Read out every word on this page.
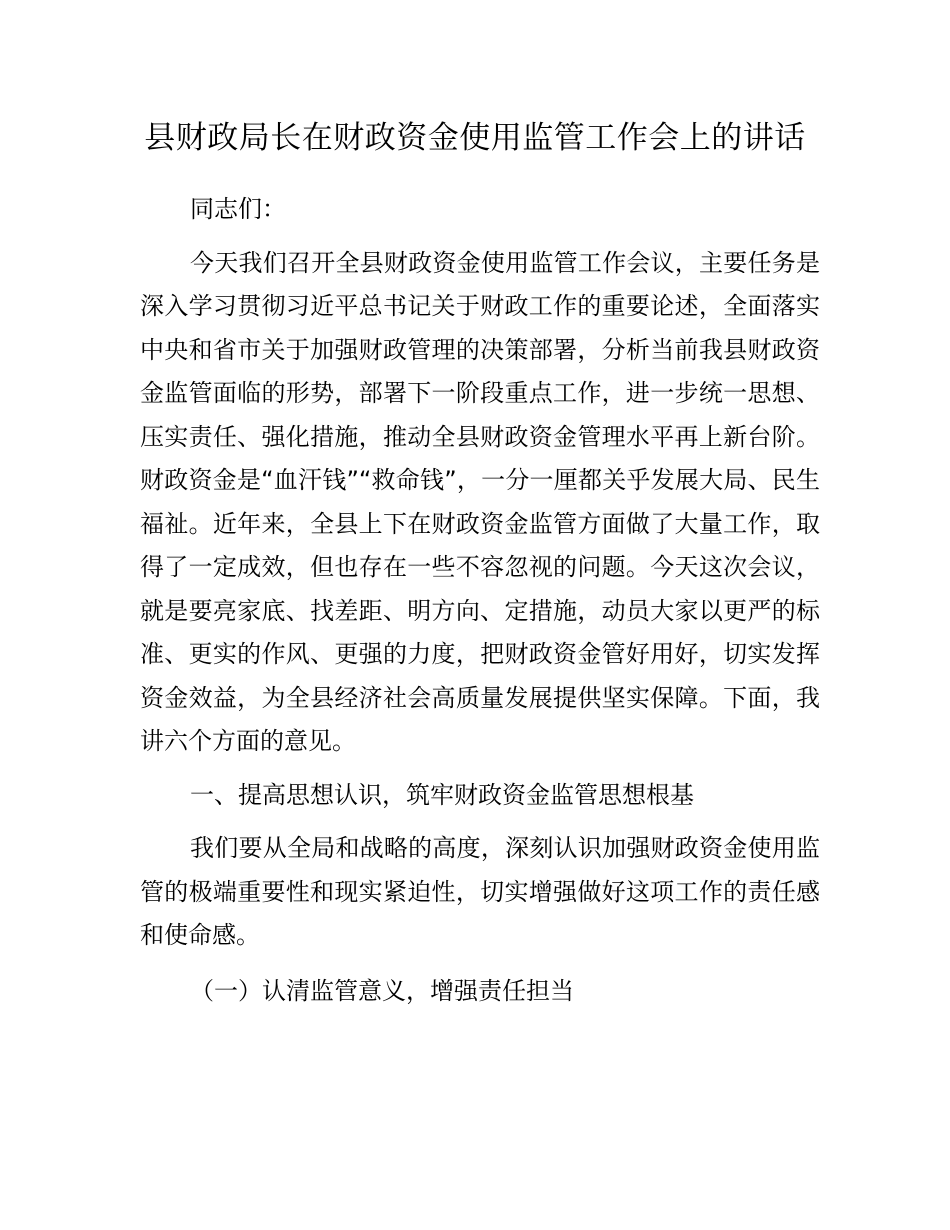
县财政局长在财政资金使用监管工作会上的讲话

同志们：

今天我们召开全县财政资金使用监管工作会议，主要任务是深入学习贯彻习近平总书记关于财政工作的重要论述，全面落实中央和省市关于加强财政管理的决策部署，分析当前我县财政资金监管面临的形势，部署下一阶段重点工作，进一步统一思想、压实责任、强化措施，推动全县财政资金管理水平再上新台阶。财政资金是“血汗钱”“救命钱”，一分一厘都关乎发展大局、民生福祉。近年来，全县上下在财政资金监管方面做了大量工作，取得了一定成效，但也存在一些不容忽视的问题。今天这次会议，就是要亮家底、找差距、明方向、定措施，动员大家以更严的标准、更实的作风、更强的力度，把财政资金管好用好，切实发挥资金效益，为全县经济社会高质量发展提供坚实保障。下面，我讲六个方面的意见。

一、提高思想认识，筑牢财政资金监管思想根基

我们要从全局和战略的高度，深刻认识加强财政资金使用监管的极端重要性和现实紧迫性，切实增强做好这项工作的责任感和使命感。

（一）认清监管意义，增强责任担当
